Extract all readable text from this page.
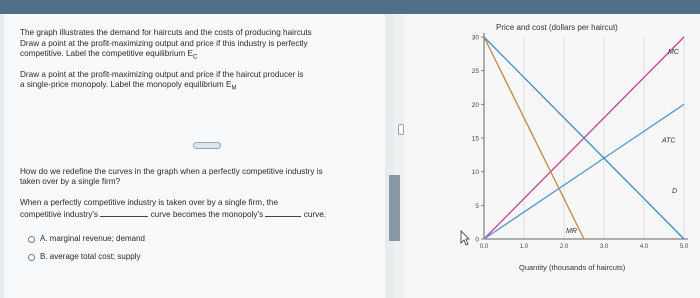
The graph illustrates the demand for haircuts and the costs of producing haircuts

Draw a point at the profit-maximizing output and price if this industry is perfectly

competitive. Label the competitive equilibrium $E_C$

Draw a point at the profit-maximizing output and price if the haircut producer is

a single-price monopoly. Label the monopoly equilibrium $E_M$

How do we redefine the curves in the graph when a perfectly competitive industry is

taken over by a single firm?

When a perfectly competitive industry is taken over by a single firm, the

competitive industry's	curve becomes the monopoly's	curve.

A. marginal revenue; demand
B. average total cost; supply
Price and cost (dollars per haircut)
0
5
10
15
20
25
30
0.0	1.0	2.0	3.0	4.0	5.0
MC
ATC
D
MR
Quantity (thousands of haircuts)
